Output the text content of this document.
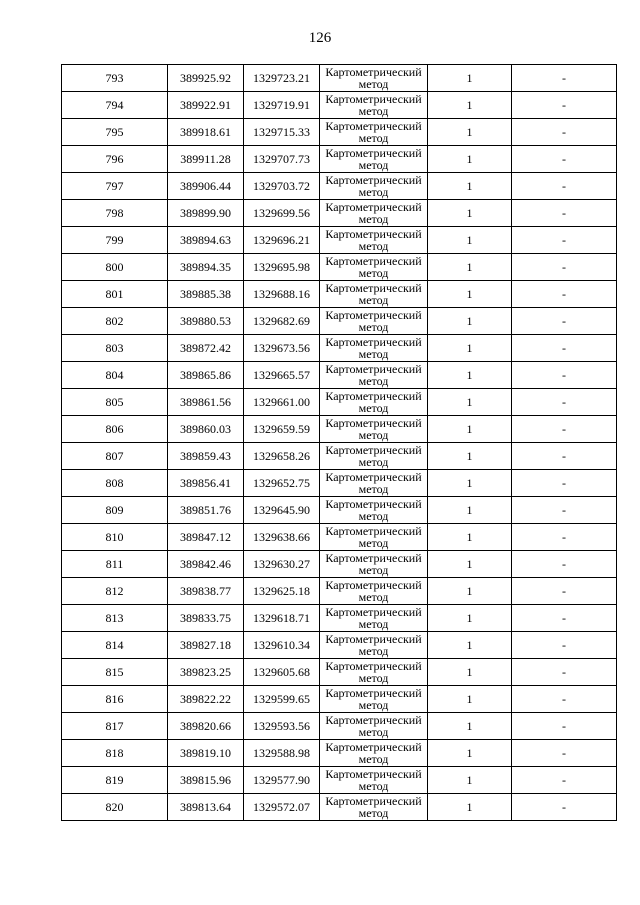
126
793	389925.92	1329723.21	Картометрический метод	1	-
794	389922.91	1329719.91	Картометрический метод	1	-
795	389918.61	1329715.33	Картометрический метод	1	-
796	389911.28	1329707.73	Картометрический метод	1	-
797	389906.44	1329703.72	Картометрический метод	1	-
798	389899.90	1329699.56	Картометрический метод	1	-
799	389894.63	1329696.21	Картометрический метод	1	-
800	389894.35	1329695.98	Картометрический метод	1	-
801	389885.38	1329688.16	Картометрический метод	1	-
802	389880.53	1329682.69	Картометрический метод	1	-
803	389872.42	1329673.56	Картометрический метод	1	-
804	389865.86	1329665.57	Картометрический метод	1	-
805	389861.56	1329661.00	Картометрический метод	1	-
806	389860.03	1329659.59	Картометрический метод	1	-
807	389859.43	1329658.26	Картометрический метод	1	-
808	389856.41	1329652.75	Картометрический метод	1	-
809	389851.76	1329645.90	Картометрический метод	1	-
810	389847.12	1329638.66	Картометрический метод	1	-
811	389842.46	1329630.27	Картометрический метод	1	-
812	389838.77	1329625.18	Картометрический метод	1	-
813	389833.75	1329618.71	Картометрический метод	1	-
814	389827.18	1329610.34	Картометрический метод	1	-
815	389823.25	1329605.68	Картометрический метод	1	-
816	389822.22	1329599.65	Картометрический метод	1	-
817	389820.66	1329593.56	Картометрический метод	1	-
818	389819.10	1329588.98	Картометрический метод	1	-
819	389815.96	1329577.90	Картометрический метод	1	-
820	389813.64	1329572.07	Картометрический метод	1	-
